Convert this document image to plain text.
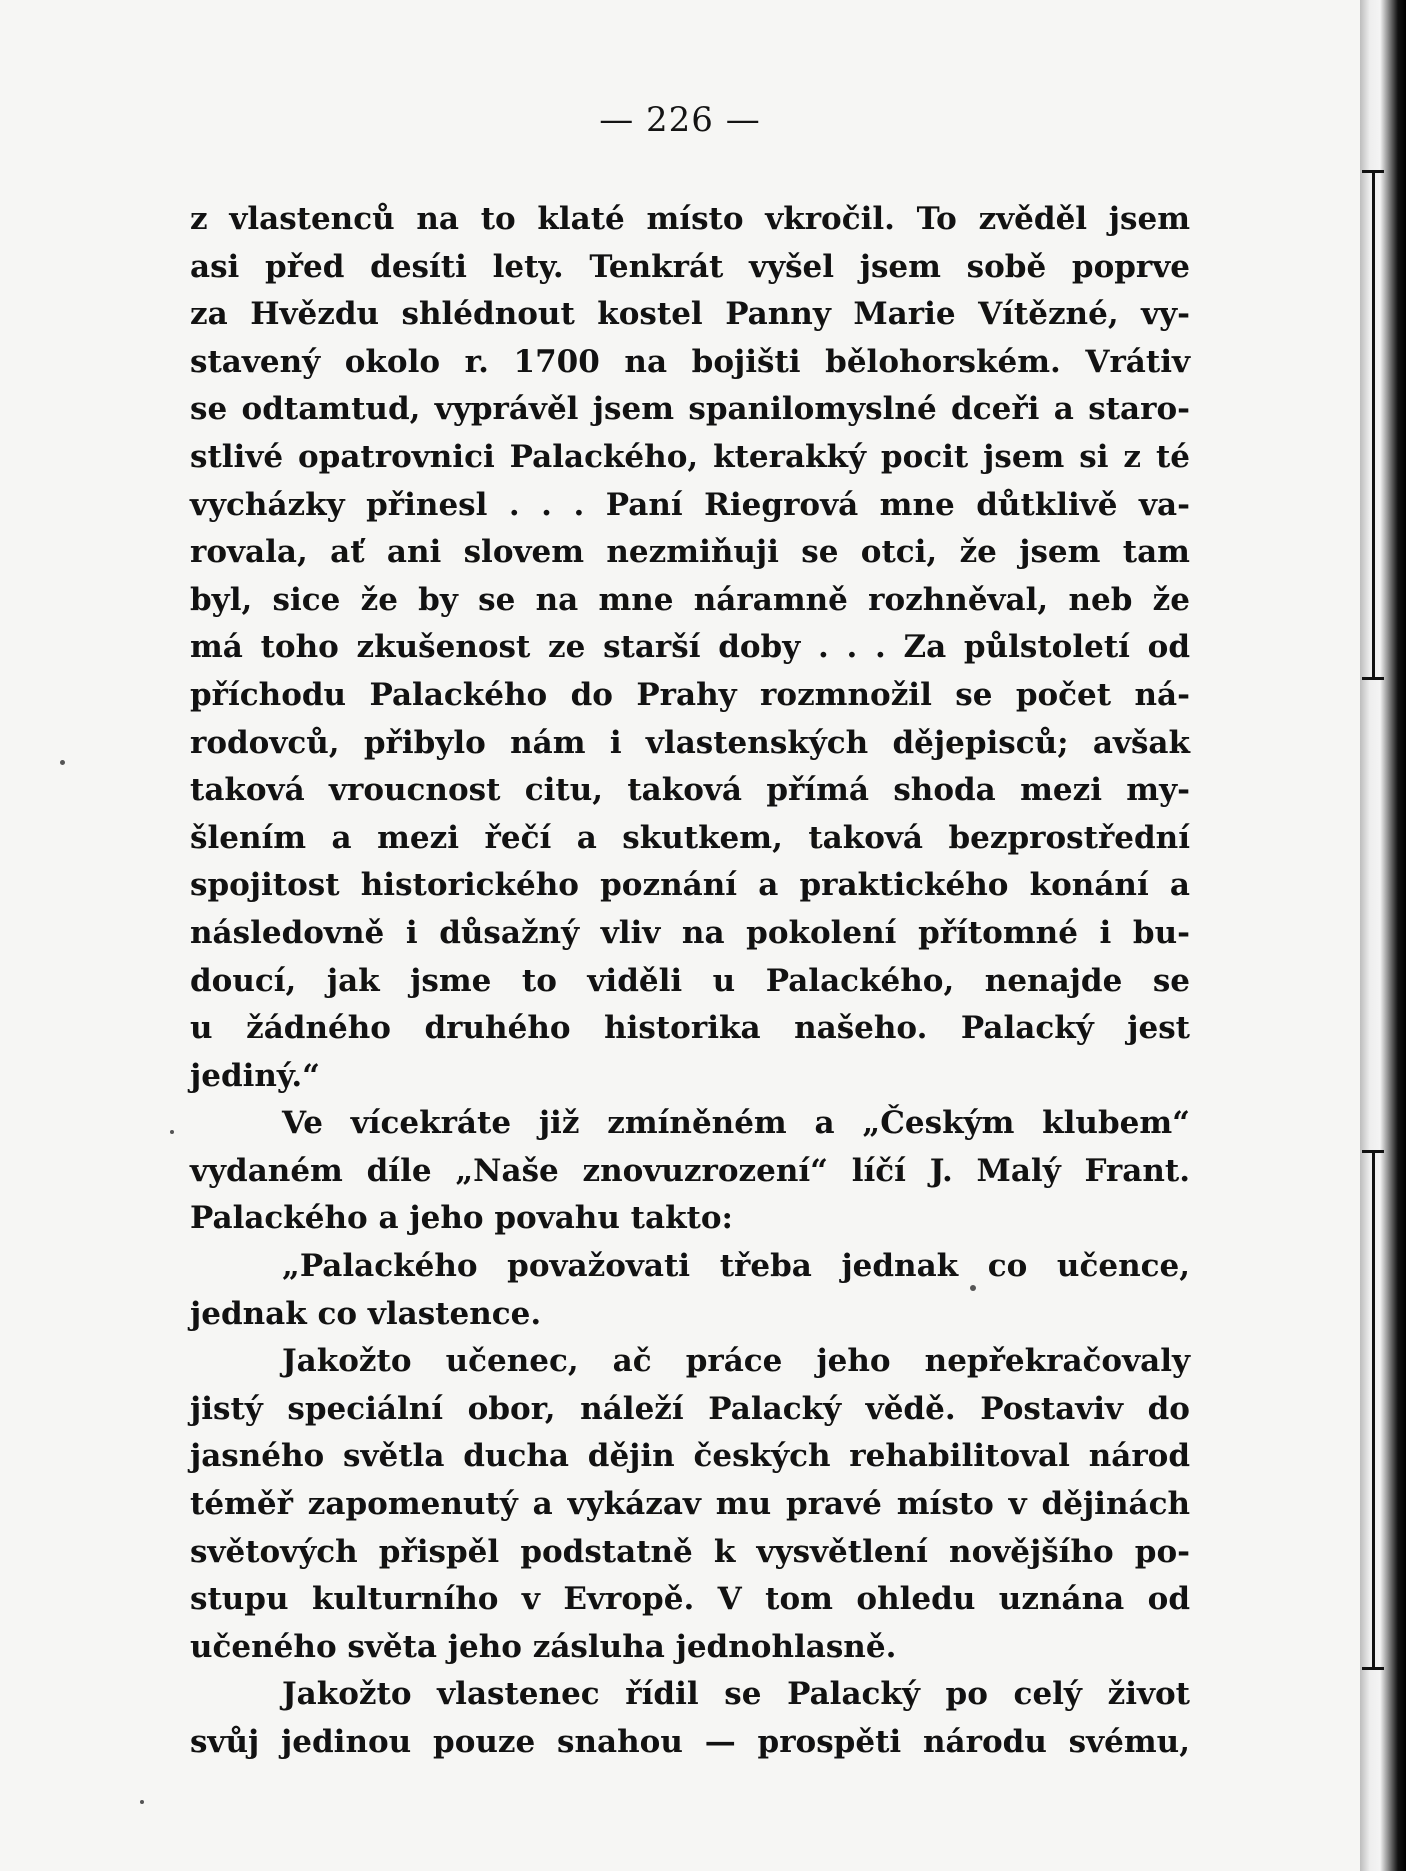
— 226 —
z vlastenců na to klaté místo vkročil. To zvěděl jsem
asi před desíti lety. Tenkrát vyšel jsem sobě poprve
za Hvězdu shlédnout kostel Panny Marie Vítězné, vy-
stavený okolo r. 1700 na bojišti bělohorském. Vrátiv
se odtamtud, vyprávěl jsem spanilomyslné dceři a staro-
stlivé opatrovnici Palackého, kterakký pocit jsem si z té
vycházky přinesl . . . Paní Riegrová mne důtklivě va-
rovala, ať ani slovem nezmiňuji se otci, že jsem tam
byl, sice že by se na mne náramně rozhněval, neb že
má toho zkušenost ze starší doby . . . Za půlstoletí od
příchodu Palackého do Prahy rozmnožil se počet ná-
rodovců, přibylo nám i vlastenských dějepisců; avšak
taková vroucnost citu, taková přímá shoda mezi my-
šlením a mezi řečí a skutkem, taková bezprostřední
spojitost historického poznání a praktického konání a
následovně i důsažný vliv na pokolení přítomné i bu-
doucí, jak jsme to viděli u Palackého, nenajde se
u žádného druhého historika našeho. Palacký jest
jediný.“
Ve vícekráte již zmíněném a „Českým klubem“
vydaném díle „Naše znovuzrození“ líčí J. Malý Frant.
Palackého a jeho povahu takto:
„Palackého považovati třeba jednak co učence,
jednak co vlastence.
Jakožto učenec, ač práce jeho nepřekračovaly
jistý speciální obor, náleží Palacký vědě. Postaviv do
jasného světla ducha dějin českých rehabilitoval národ
téměř zapomenutý a vykázav mu pravé místo v dějinách
světových přispěl podstatně k vysvětlení novějšího po-
stupu kulturního v Evropě. V tom ohledu uznána od
učeného světa jeho zásluha jednohlasně.
Jakožto vlastenec řídil se Palacký po celý život
svůj jedinou pouze snahou — prospěti národu svému,
